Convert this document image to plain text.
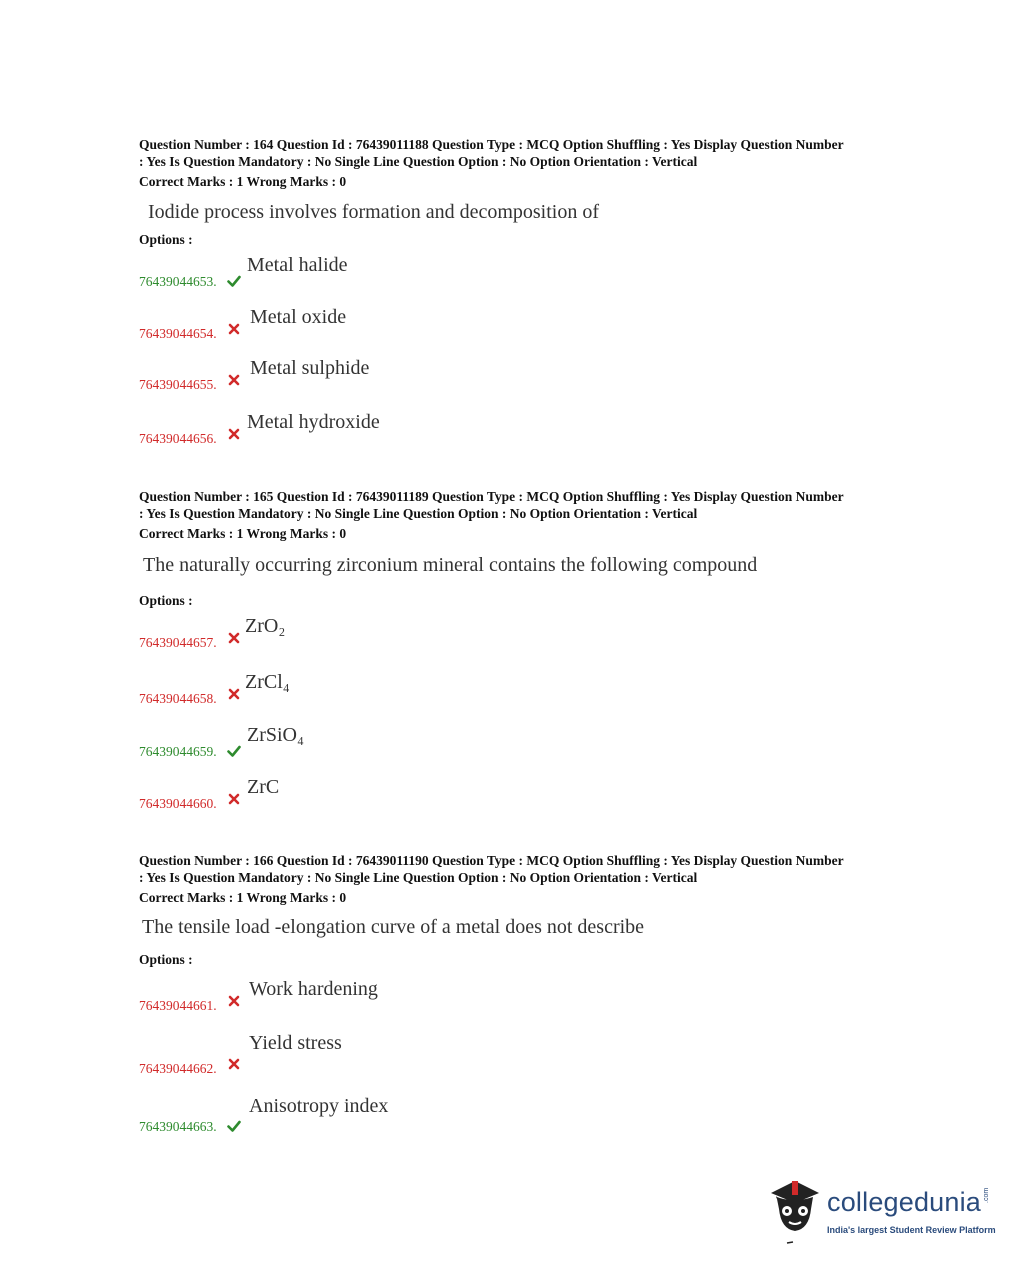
Question Number : 164 Question Id : 76439011188 Question Type : MCQ Option Shuffling : Yes Display Question Number
: Yes Is Question Mandatory : No Single Line Question Option : No Option Orientation : Vertical
Correct Marks : 1 Wrong Marks : 0
Iodide process involves formation and decomposition of
Options :
76439044653.
Metal halide
76439044654.
Metal oxide
76439044655.
Metal sulphide
76439044656.
Metal hydroxide
Question Number : 165 Question Id : 76439011189 Question Type : MCQ Option Shuffling : Yes Display Question Number
: Yes Is Question Mandatory : No Single Line Question Option : No Option Orientation : Vertical
Correct Marks : 1 Wrong Marks : 0
The naturally occurring zirconium mineral contains the following compound
Options :
76439044657.
ZrO₂
76439044658.
ZrCl₄
76439044659.
ZrSiO₄
76439044660.
ZrC
Question Number : 166 Question Id : 76439011190 Question Type : MCQ Option Shuffling : Yes Display Question Number
: Yes Is Question Mandatory : No Single Line Question Option : No Option Orientation : Vertical
Correct Marks : 1 Wrong Marks : 0
The tensile load -elongation curve of a metal does not describe
Options :
76439044661.
Work hardening
76439044662.
Yield stress
76439044663.
Anisotropy index
collegedunia .com
India's largest Student Review Platform
